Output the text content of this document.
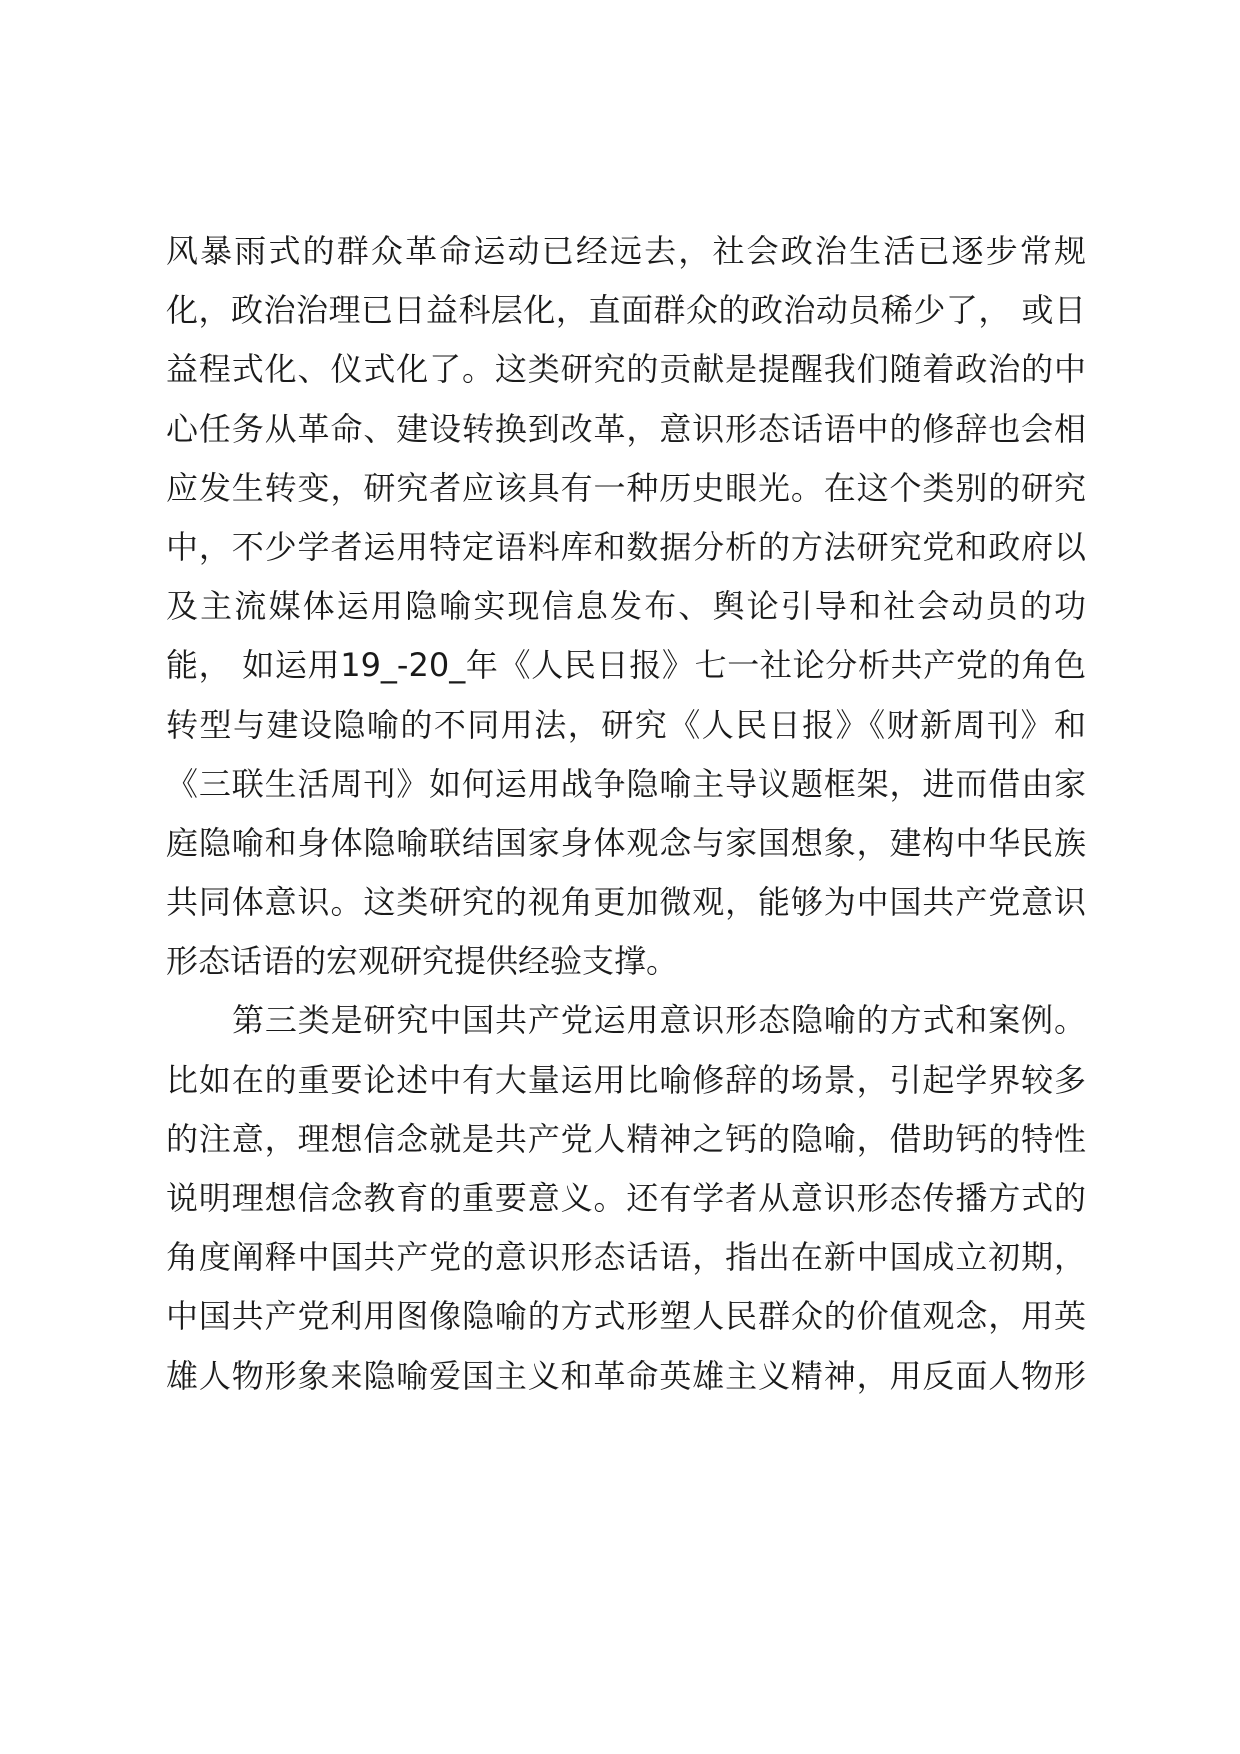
风暴雨式的群众革命运动已经远去，社会政治生活已逐步常规
化，政治治理已日益科层化，直面群众的政治动员稀少了， 或日
益程式化、仪式化了。这类研究的贡献是提醒我们随着政治的中
心任务从革命、建设转换到改革，意识形态话语中的修辞也会相
应发生转变，研究者应该具有一种历史眼光。在这个类别的研究
中，不少学者运用特定语料库和数据分析的方法研究党和政府以
及主流媒体运用隐喻实现信息发布、舆论引导和社会动员的功
能， 如运用19_-20_年《人民日报》七一社论分析共产党的角色
转型与建设隐喻的不同用法，研究《人民日报》《财新周刊》和
《三联生活周刊》如何运用战争隐喻主导议题框架，进而借由家
庭隐喻和身体隐喻联结国家身体观念与家国想象，建构中华民族
共同体意识。这类研究的视角更加微观，能够为中国共产党意识
形态话语的宏观研究提供经验支撑。
第三类是研究中国共产党运用意识形态隐喻的方式和案例。
比如在的重要论述中有大量运用比喻修辞的场景，引起学界较多
的注意，理想信念就是共产党人精神之钙的隐喻，借助钙的特性
说明理想信念教育的重要意义。还有学者从意识形态传播方式的
角度阐释中国共产党的意识形态话语，指出在新中国成立初期，
中国共产党利用图像隐喻的方式形塑人民群众的价值观念，用英
雄人物形象来隐喻爱国主义和革命英雄主义精神，用反面人物形
